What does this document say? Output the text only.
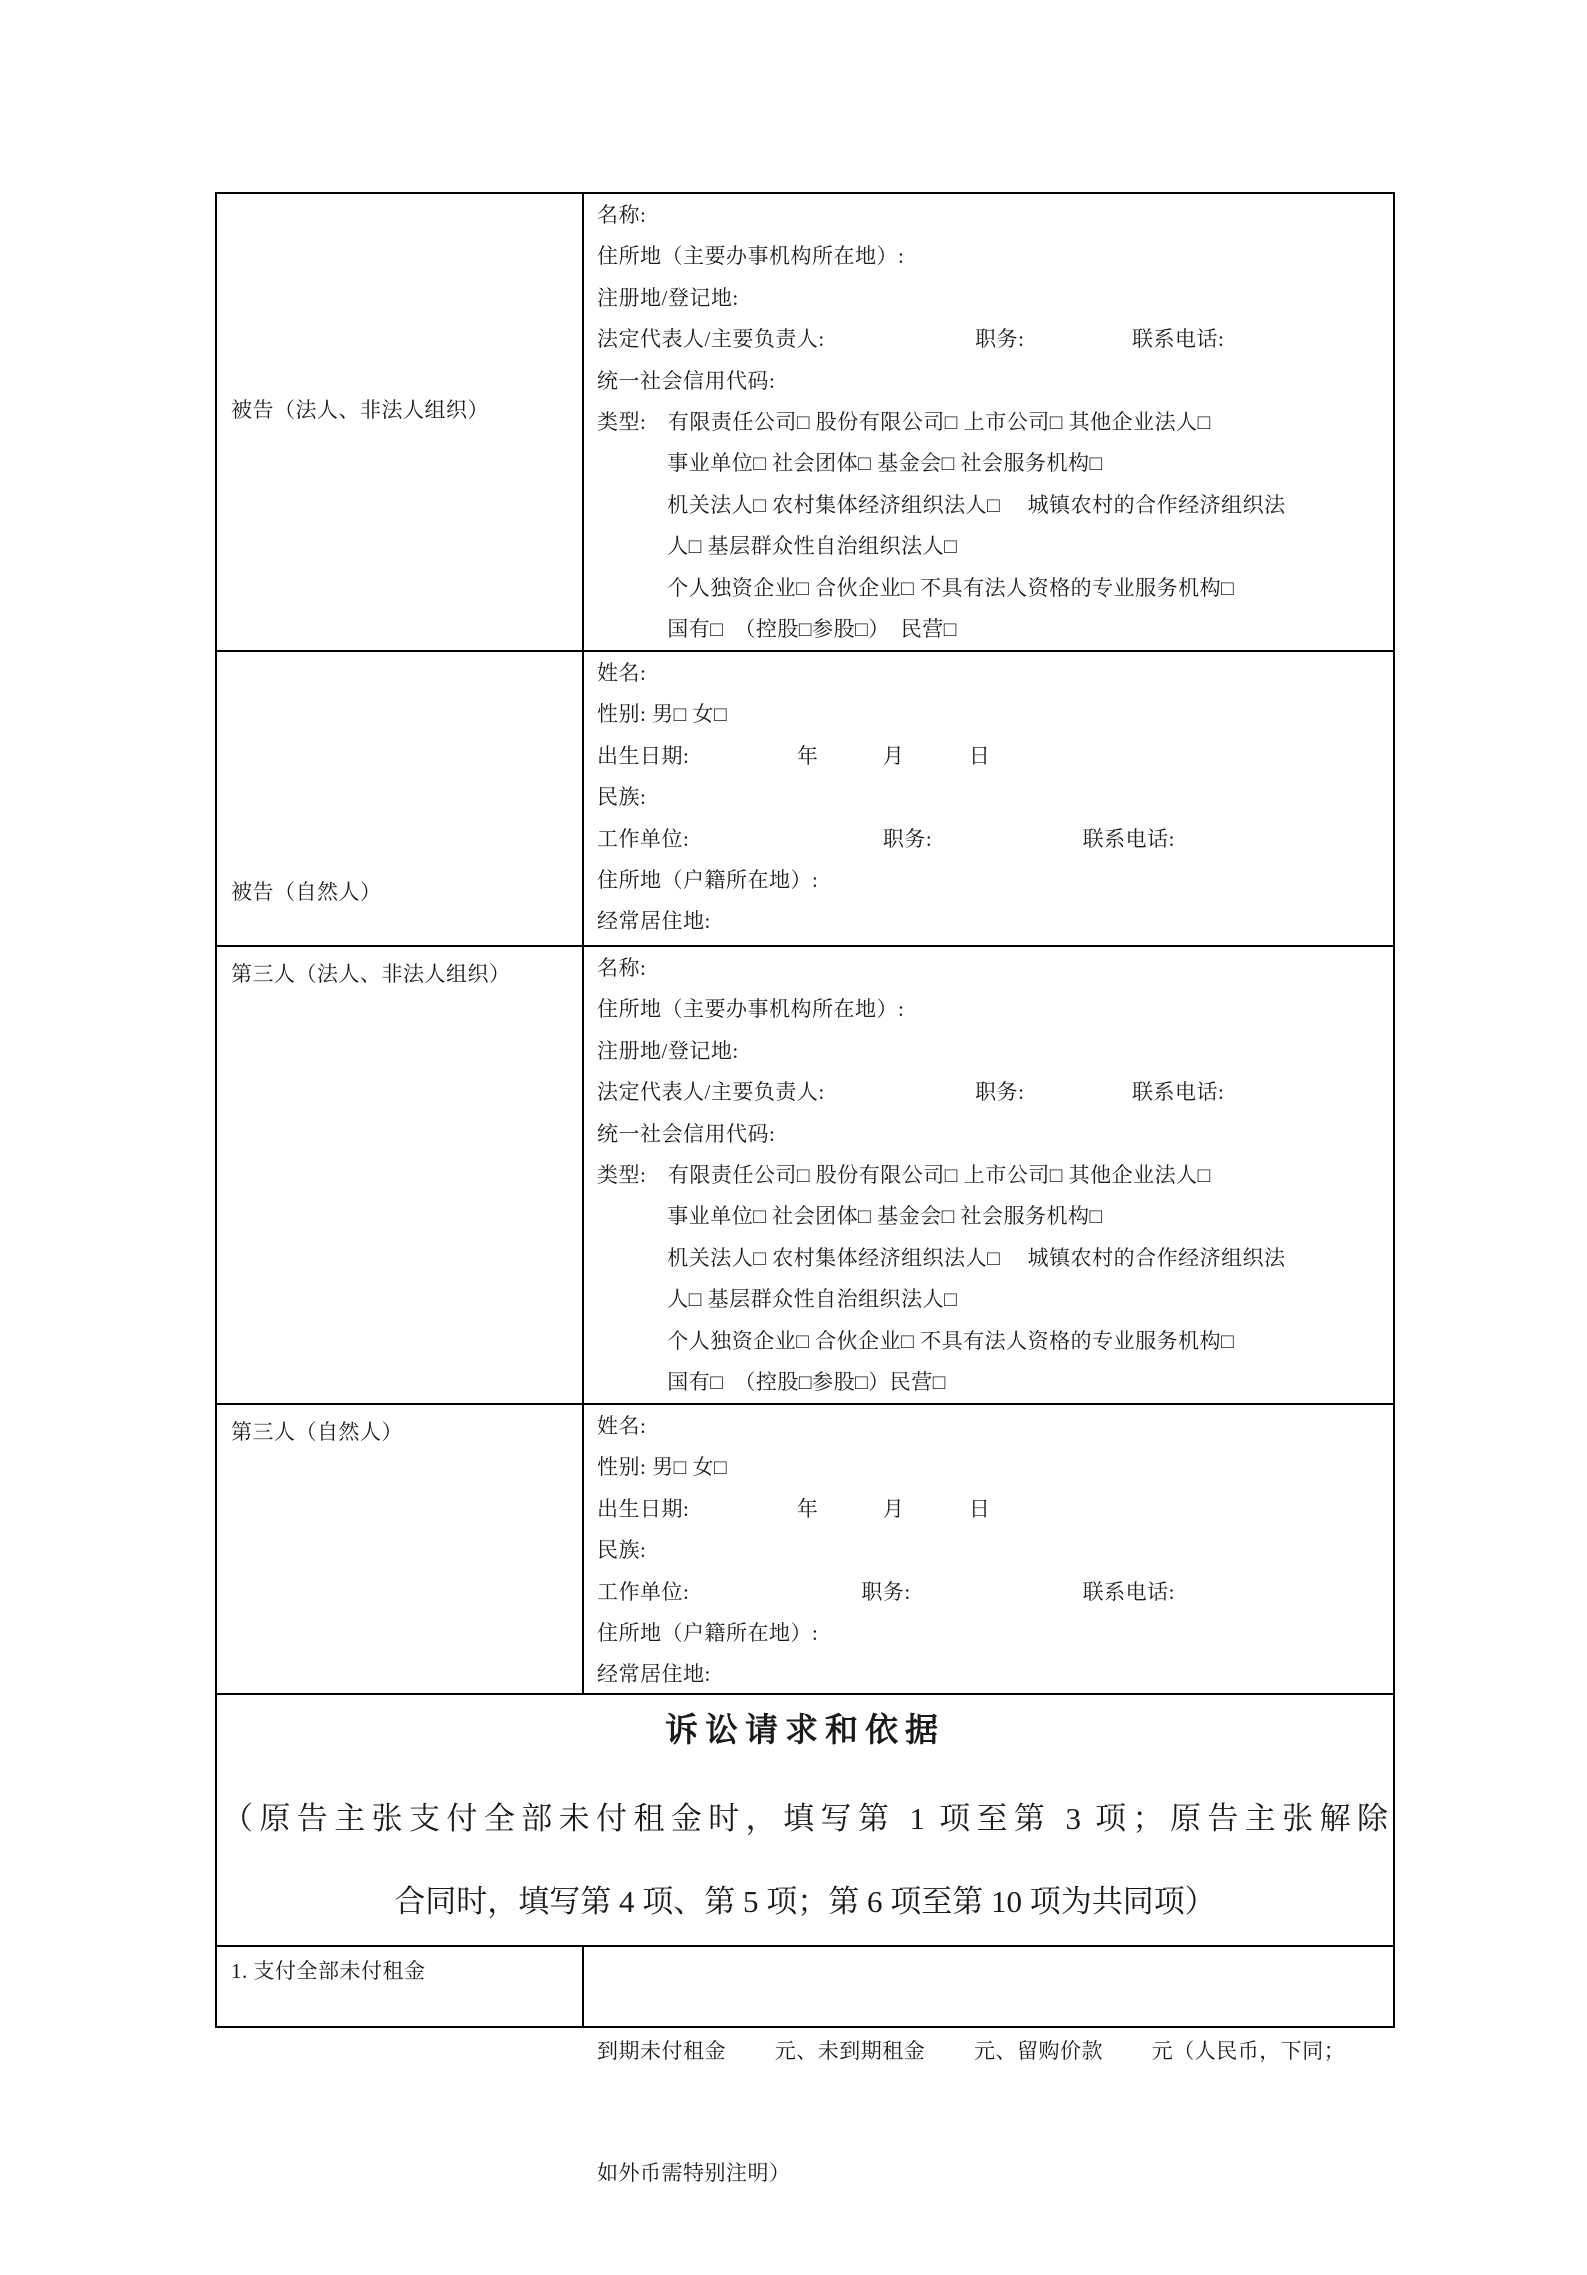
被告（法人、非法人组织）
名称:
住所地（主要办事机构所在地）:
注册地/登记地:
法定代表人/主要负责人:　　　　　　　职务:　　　　　联系电话:
统一社会信用代码:
类型:　有限责任公司□ 股份有限公司□ 上市公司□ 其他企业法人□
　　　 事业单位□ 社会团体□ 基金会□ 社会服务机构□
　　　 机关法人□ 农村集体经济组织法人□　 城镇农村的合作经济组织法
　　　 人□ 基层群众性自治组织法人□
　　　 个人独资企业□ 合伙企业□ 不具有法人资格的专业服务机构□
　　　 国有□　（控股□参股□）　民营□
被告（自然人）
姓名:
性别: 男□ 女□
出生日期:　　　　　年　　　月　　　日
民族:
工作单位:　　　　　　　　　职务:　　　　　　　联系电话:
住所地（户籍所在地）:
经常居住地:
第三人（法人、非法人组织）	名称:
住所地（主要办事机构所在地）:
注册地/登记地:
法定代表人/主要负责人:　　　　　　　职务:　　　　　联系电话:
统一社会信用代码:
类型:　有限责任公司□ 股份有限公司□ 上市公司□ 其他企业法人□
　　　 事业单位□ 社会团体□ 基金会□ 社会服务机构□
　　　 机关法人□ 农村集体经济组织法人□　 城镇农村的合作经济组织法
　　　 人□ 基层群众性自治组织法人□
　　　 个人独资企业□ 合伙企业□ 不具有法人资格的专业服务机构□
　　　 国有□　（控股□参股□）民营□
第三人（自然人）	姓名:
性别: 男□ 女□
出生日期:　　　　　年　　　月　　　日
民族:
工作单位:　　　　　　　　职务:　　　　　　　　联系电话:
住所地（户籍所在地）:
经常居住地:
诉讼请求和依据
（原告主张支付全部未付租金时，填写第 1 项至第 3 项；原告主张解除
合同时，填写第 4 项、第 5 项；第 6 项至第 10 项为共同项）
1. 支付全部未付租金

到期未付租金　　 元、未到期租金　　 元、留购价款　　 元（人民币，下同；

如外币需特别注明）
